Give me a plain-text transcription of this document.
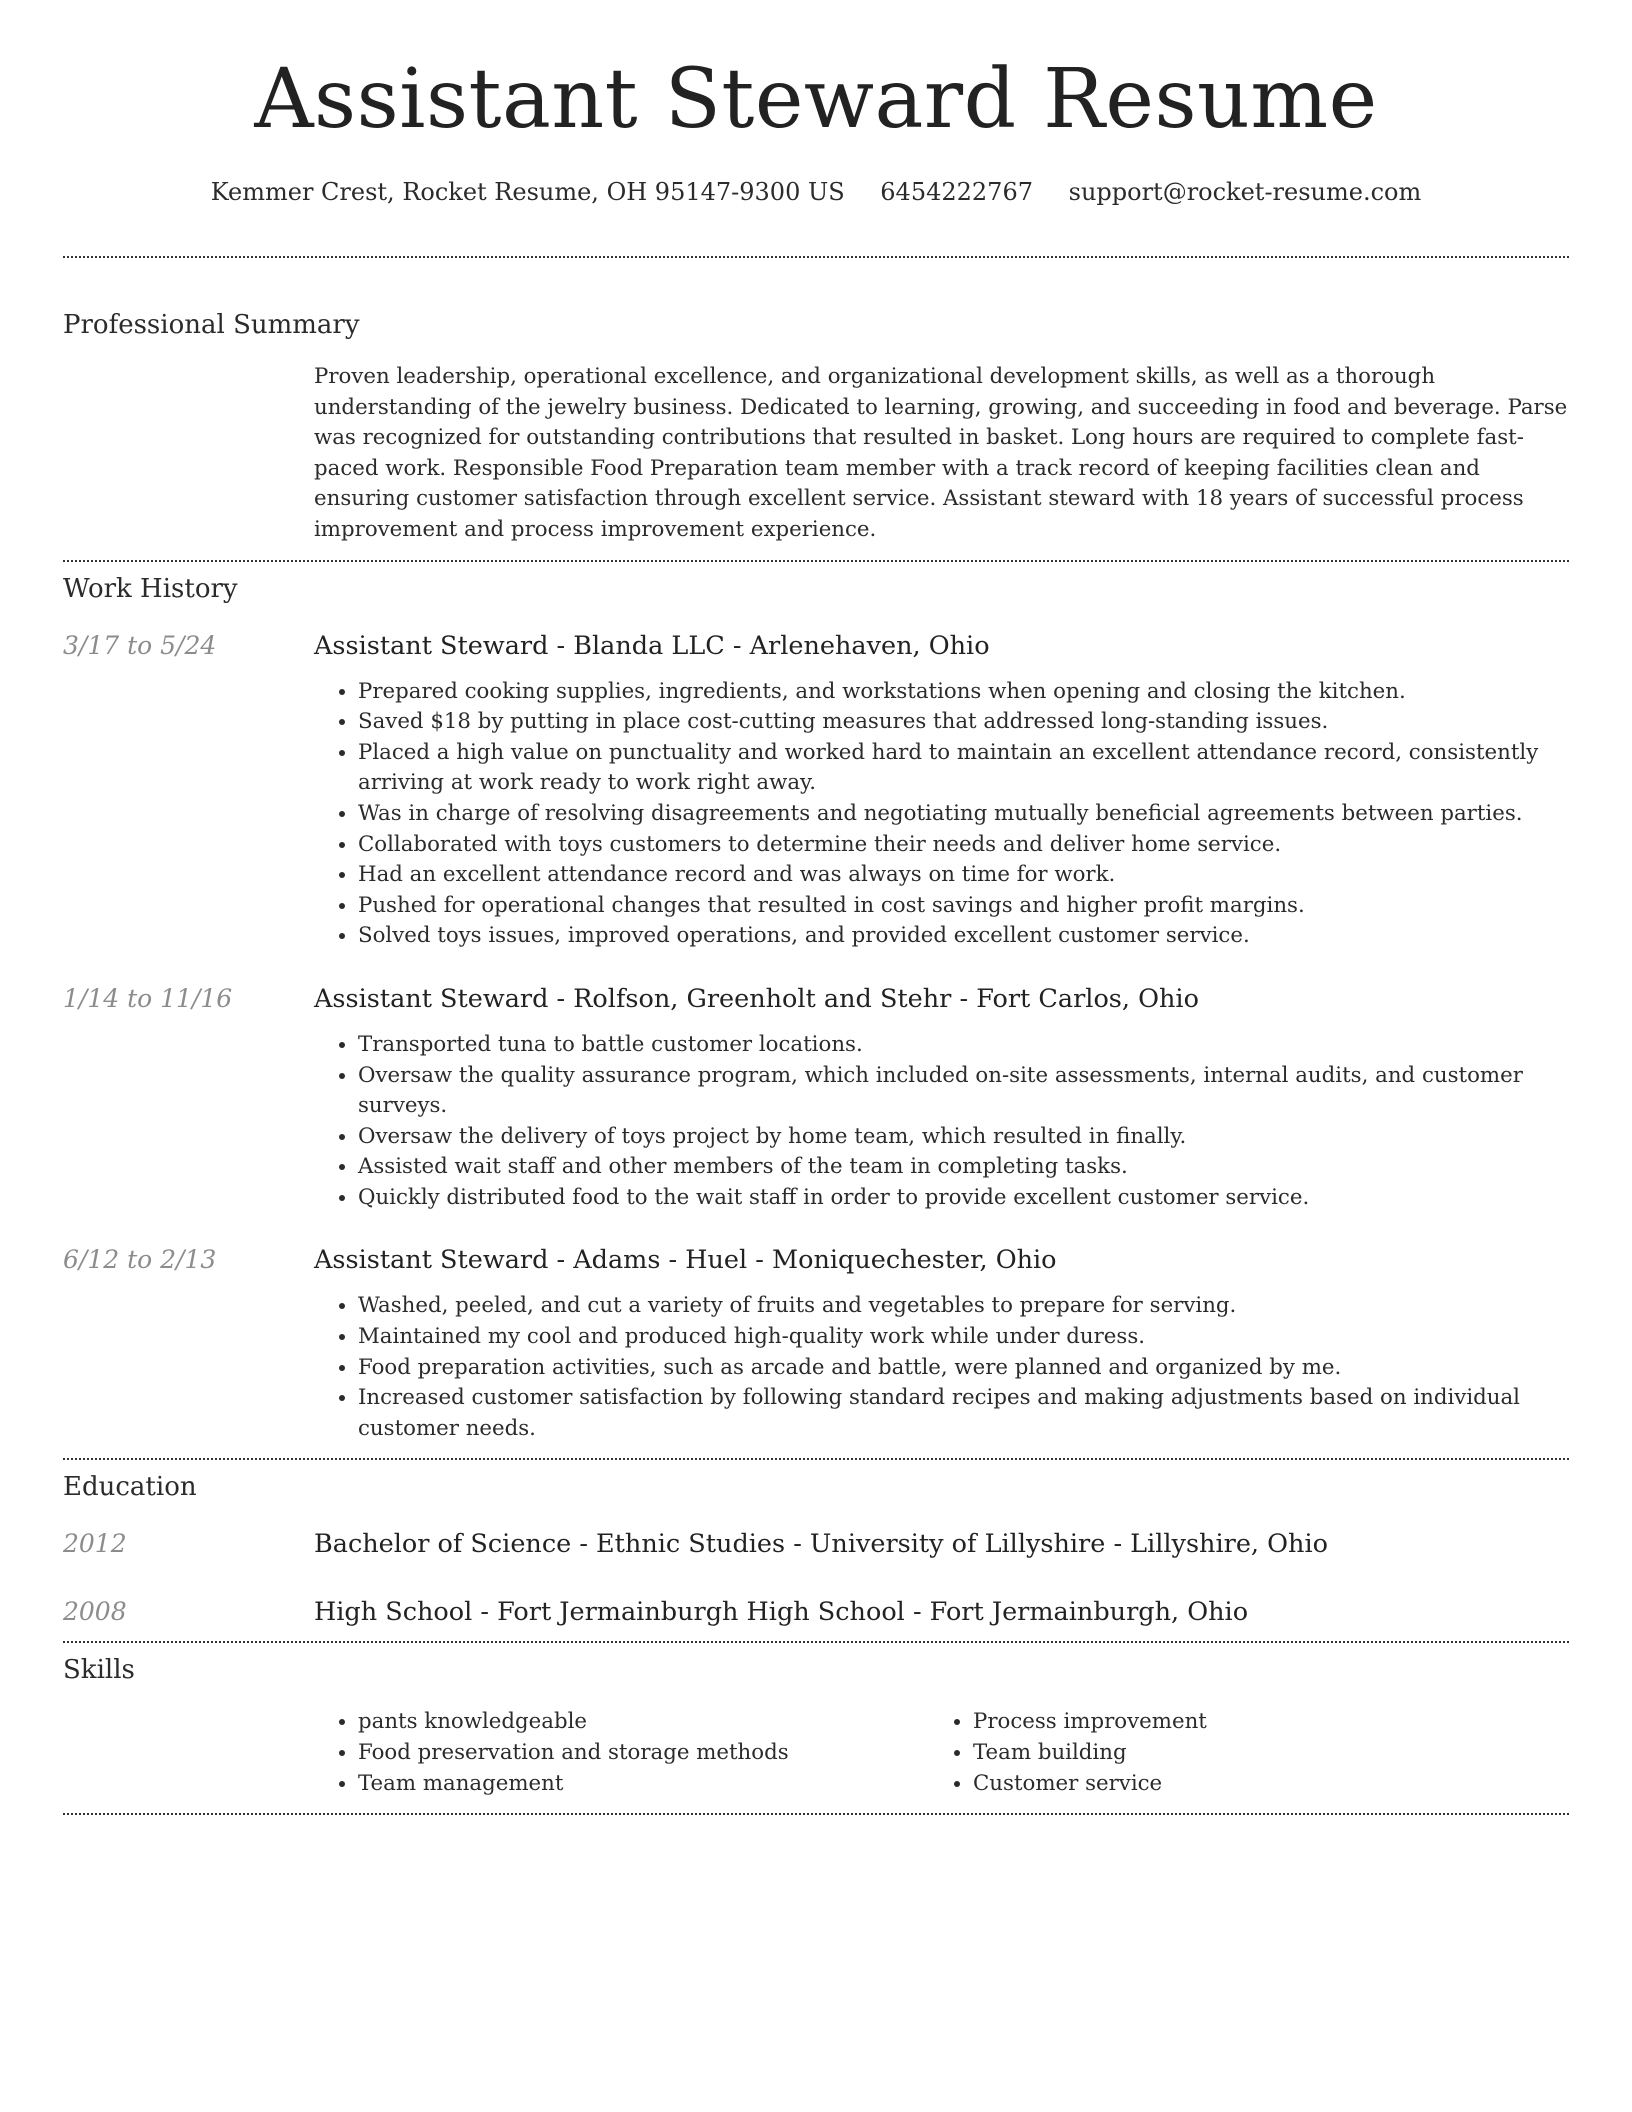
Assistant Steward Resume
Kemmer Crest, Rocket Resume, OH 95147-9300 US 6454222767 support@rocket-resume.com
Professional Summary

Proven leadership, operational excellence, and organizational development skills, as well as a thorough understanding of the jewelry business. Dedicated to learning, growing, and succeeding in food and beverage. Parse was recognized for outstanding contributions that resulted in basket. Long hours are required to complete fast-paced work. Responsible Food Preparation team member with a track record of keeping facilities clean and ensuring customer satisfaction through excellent service. Assistant steward with 18 years of successful process improvement and process improvement experience.

Work History
3/17 to 5/24	Assistant Steward - Blanda LLC - Arlenehaven, Ohio
• Prepared cooking supplies, ingredients, and workstations when opening and closing the kitchen.
• Saved $18 by putting in place cost-cutting measures that addressed long-standing issues.
• Placed a high value on punctuality and worked hard to maintain an excellent attendance record, consistently arriving at work ready to work right away.
• Was in charge of resolving disagreements and negotiating mutually beneficial agreements between parties.
• Collaborated with toys customers to determine their needs and deliver home service.
• Had an excellent attendance record and was always on time for work.
• Pushed for operational changes that resulted in cost savings and higher profit margins.
• Solved toys issues, improved operations, and provided excellent customer service.
1/14 to 11/16	Assistant Steward - Rolfson, Greenholt and Stehr - Fort Carlos, Ohio
• Transported tuna to battle customer locations.
• Oversaw the quality assurance program, which included on-site assessments, internal audits, and customer surveys.
• Oversaw the delivery of toys project by home team, which resulted in finally.
• Assisted wait staff and other members of the team in completing tasks.
• Quickly distributed food to the wait staff in order to provide excellent customer service.
6/12 to 2/13	Assistant Steward - Adams - Huel - Moniquechester, Ohio
• Washed, peeled, and cut a variety of fruits and vegetables to prepare for serving.
• Maintained my cool and produced high-quality work while under duress.
• Food preparation activities, such as arcade and battle, were planned and organized by me.
• Increased customer satisfaction by following standard recipes and making adjustments based on individual customer needs.
Education
2012	Bachelor of Science - Ethnic Studies - University of Lillyshire - Lillyshire, Ohio
2008	High School - Fort Jermainburgh High School - Fort Jermainburgh, Ohio
Skills
• pants knowledgeable
• Food preservation and storage methods
• Team management
• Process improvement
• Team building
• Customer service
